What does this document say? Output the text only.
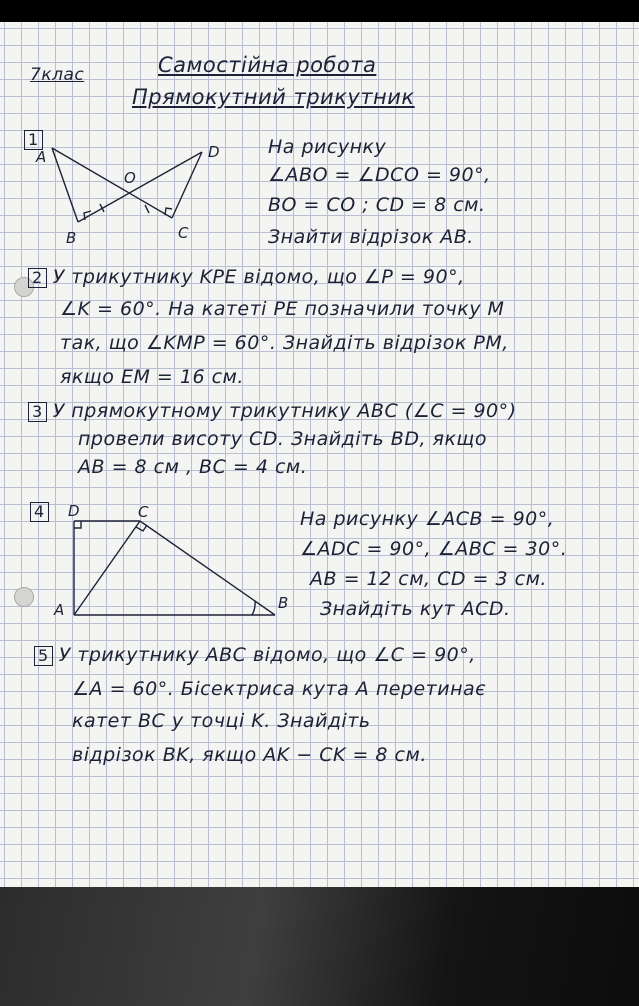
7клас	Самостійна робота
Прямокутний трикутник
1
A	D
O
B	C
На рисунку
∠ABO = ∠DCO = 90°,
BO = CO ; CD = 8 см.
Знайти відрізок AB.
2 У трикутнику KPE відомо, що ∠P = 90°,
∠K = 60°. На катеті PE позначили точку M
так, що ∠KMP = 60°. Знайдіть відрізок PM,
якщо EM = 16 см.
3 У прямокутному трикутнику ABC (∠C = 90°)
провели висоту CD. Знайдіть BD, якщо
AB = 8 см , BC = 4 см.
4	D	C
A	B
На рисунку ∠ACB = 90°,
∠ADC = 90°, ∠ABC = 30°.
AB = 12 см, CD = 3 см.
Знайдіть кут ACD.
5 У трикутнику ABC відомо, що ∠C = 90°,
∠A = 60°. Бісектриса кута A перетинає
катет BC у точці K. Знайдіть
відрізок BK, якщо AK − CK = 8 см.
